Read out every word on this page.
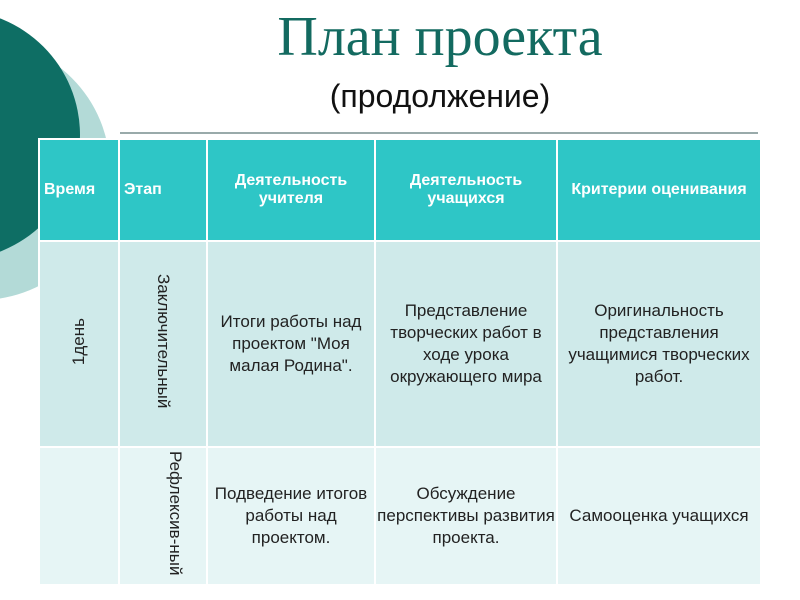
План проекта
(продолжение)
Время	Этап	Деятельность учителя	Деятельность учащихся	Критерии оценивания
1день	Заключительный	Итоги работы над проектом "Моя малая Родина".	Представление творческих работ в ходе урока окружающего мира	Оригинальность представления учащимися творческих работ.
	Рефлексив-ный	Подведение итогов работы над проектом.	Обсуждение перспективы развития проекта.	Самооценка учащихся
